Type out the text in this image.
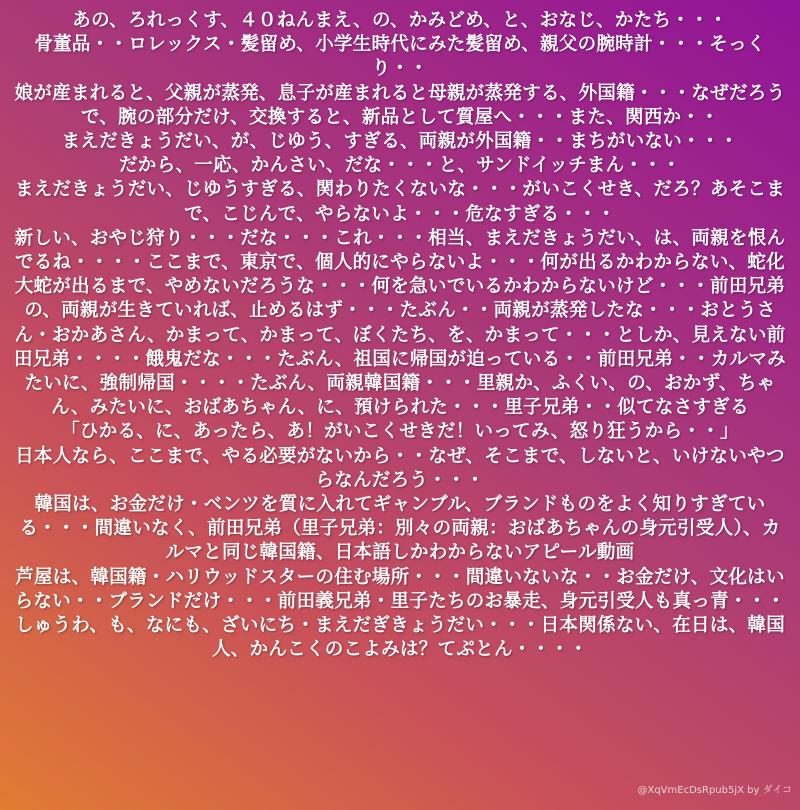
あの、ろれっくす、４０ねんまえ、の、かみどめ、と、おなじ、かたち・・・

骨董品・・ロレックス・髪留め、小学生時代にみた髪留め、親父の腕時計・・・そっくり・・

娘が産まれると、父親が蒸発、息子が産まれると母親が蒸発する、外国籍・・・なぜだろう

で、腕の部分だけ、交換すると、新品として質屋へ・・・また、関西か・・

まえだきょうだい、が、じゆう、すぎる、両親が外国籍・・まちがいない・・・

だから、一応、かんさい、だな・・・と、サンドイッチまん・・・

まえだきょうだい、じゆうすぎる、関わりたくないな・・・がいこくせき、だろ？あそこまで、こじんで、やらないよ・・・危なすぎる・・・

新しい、おやじ狩り・・・だな・・・これ・・・相当、まえだきょうだい、は、両親を恨んでるね・・・・ここまで、東京で、個人的にやらないよ・・・何が出るかわからない、蛇化大蛇が出るまで、やめないだろうな・・・何を急いでいるかわからないけど・・・前田兄弟の、両親が生きていれば、止めるはず・・・たぶん・・両親が蒸発したな・・・おとうさん・おかあさん、かまって、かまって、ぼくたち、を、かまって・・・としか、見えない前田兄弟・・・・餓鬼だな・・・たぶん、祖国に帰国が迫っている・・前田兄弟・・カルマみたいに、強制帰国・・・・たぶん、両親韓国籍・・・里親か、ふくい、の、おかず、ちゃん、みたいに、おばあちゃん、に、預けられた・・・里子兄弟・・似てなさすぎる

「ひかる、に、あったら、あ！がいこくせきだ！いってみ、怒り狂うから・・」

日本人なら、ここまで、やる必要がないから・・なぜ、そこまで、しないと、いけないやつらなんだろう・・・

韓国は、お金だけ・ベンツを質に入れてギャンブル、ブランドものをよく知りすぎている・・・間違いなく、前田兄弟（里子兄弟：別々の両親：おばあちゃんの身元引受人）、カルマと同じ韓国籍、日本語しかわからないアピール動画

芦屋は、韓国籍・ハリウッドスターの住む場所・・・間違いないな・・お金だけ、文化はいらない・・ブランドだけ・・・前田義兄弟・里子たちのお暴走、身元引受人も真っ青・・・

しゅうわ、も、なにも、ざいにち・まえだぎきょうだい・・・日本関係ない、在日は、韓国人、かんこくのこよみは？てぷとん・・・・

@XqVmEcDsRpub5jX by ダイコ
